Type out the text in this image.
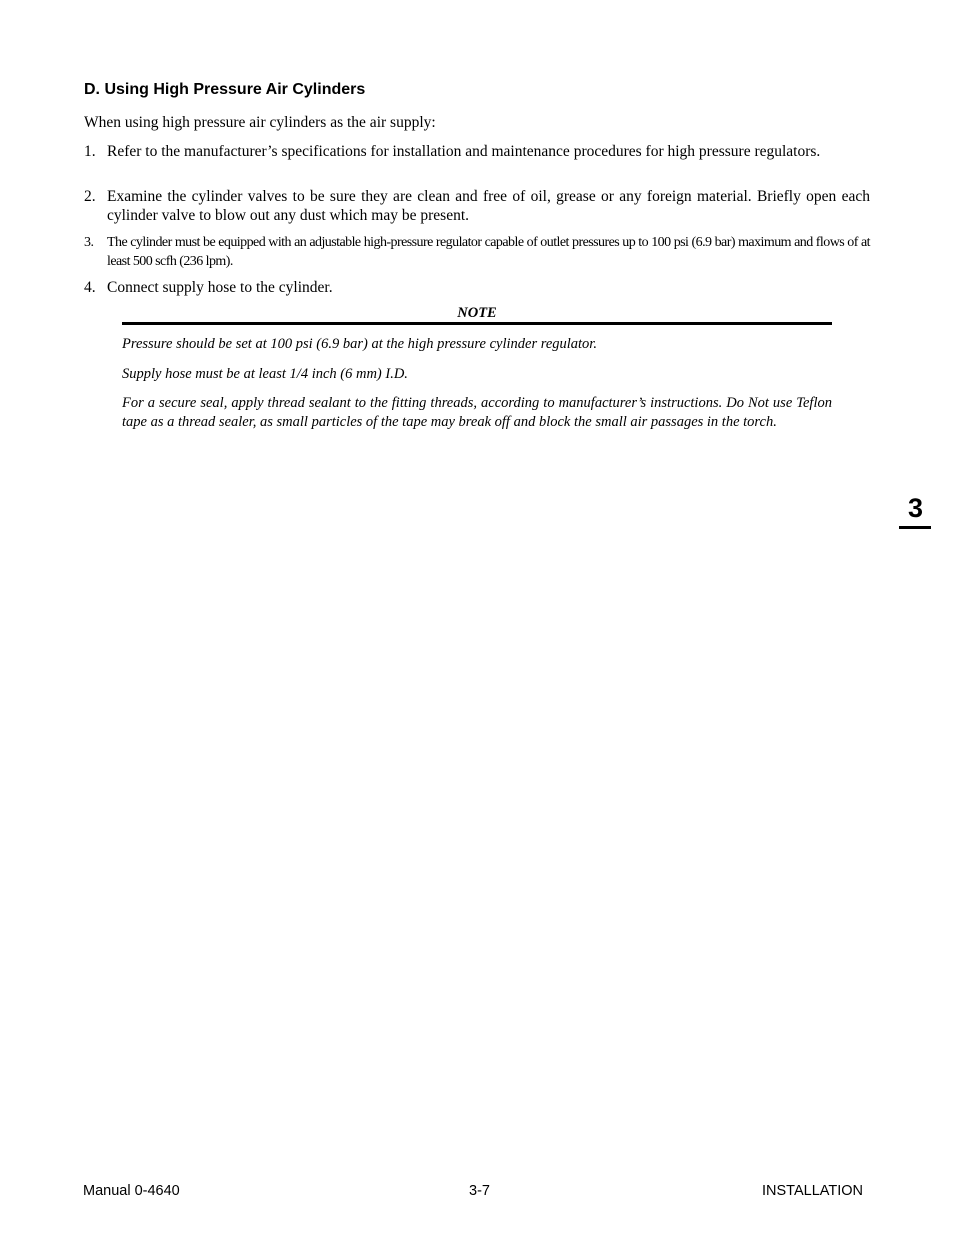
D. Using High Pressure Air Cylinders

When using high pressure air cylinders as the air supply:

1. Refer to the manufacturer’s specifications for installation and maintenance procedures for high pressure regulators.
2. Examine the cylinder valves to be sure they are clean and free of oil, grease or any foreign material. Briefly open each cylinder valve to blow out any dust which may be present.
3. The cylinder must be equipped with an adjustable high-pressure regulator capable of outlet pressures up to 100 psi (6.9 bar) maximum and flows of at least 500 scfh (236 lpm).
4. Connect supply hose to the cylinder.
NOTE

Pressure should be set at 100 psi (6.9 bar) at the high pressure cylinder regulator.

Supply hose must be at least 1/4 inch (6 mm) I.D.

For a secure seal, apply thread sealant to the fitting threads, according to manufacturer’s instructions. Do Not use Teflon tape as a thread sealer, as small particles of the tape may break off and block the small air passages in the torch.

3
Manual 0-4640	3-7	INSTALLATION
